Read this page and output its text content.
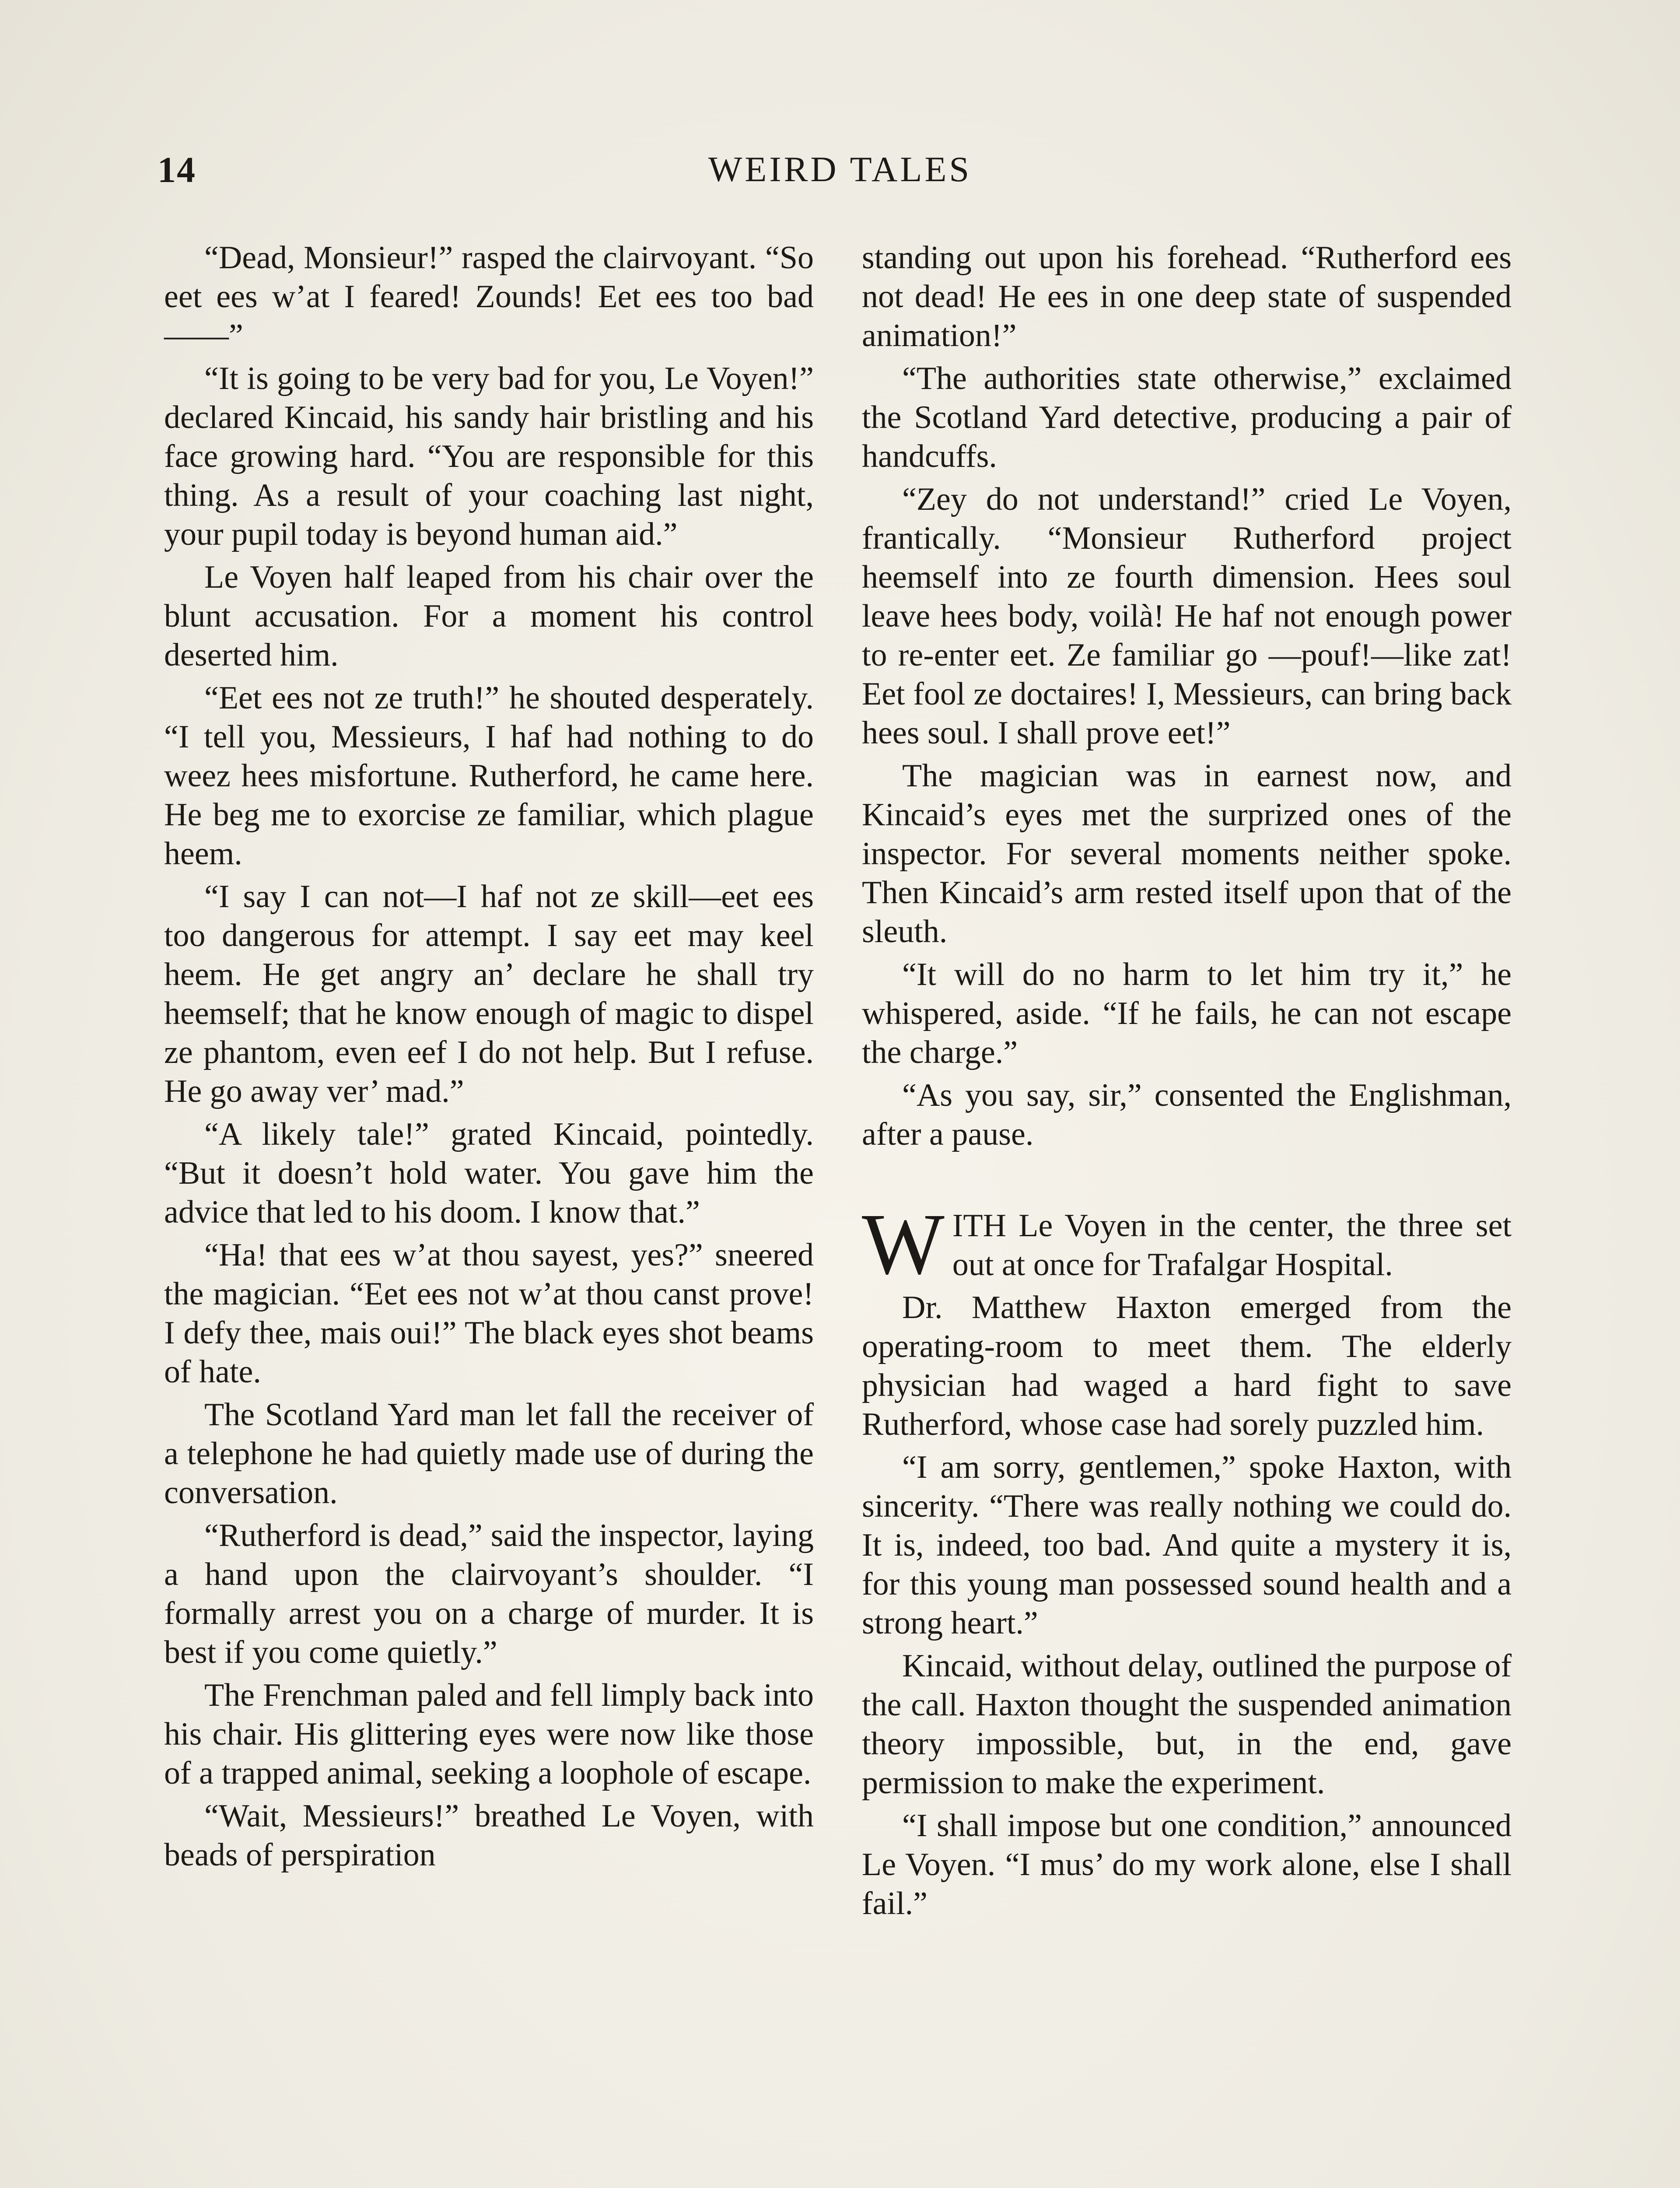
14	WEIRD TALES

“Dead, Monsieur!” rasped the clairvoyant. “So eet ees w’at I feared! Zounds! Eet ees too bad——”

“It is going to be very bad for you, Le Voyen!” declared Kincaid, his sandy hair bristling and his face growing hard. “You are responsible for this thing. As a result of your coaching last night, your pupil today is beyond human aid.”

Le Voyen half leaped from his chair over the blunt accusation. For a moment his control deserted him.

“Eet ees not ze truth!” he shouted desperately. “I tell you, Messieurs, I haf had nothing to do weez hees misfortune. Rutherford, he came here. He beg me to exorcise ze familiar, which plague heem.

“I say I can not—I haf not ze skill—eet ees too dangerous for attempt. I say eet may keel heem. He get angry an’ declare he shall try heemself; that he know enough of magic to dispel ze phantom, even eef I do not help. But I refuse. He go away ver’ mad.”

“A likely tale!” grated Kincaid, pointedly. “But it doesn’t hold water. You gave him the advice that led to his doom. I know that.”

“Ha! that ees w’at thou sayest, yes?” sneered the magician. “Eet ees not w’at thou canst prove! I defy thee, mais oui!” The black eyes shot beams of hate.

The Scotland Yard man let fall the receiver of a telephone he had quietly made use of during the conversation.

“Rutherford is dead,” said the inspector, laying a hand upon the clairvoyant’s shoulder. “I formally arrest you on a charge of murder. It is best if you come quietly.”

The Frenchman paled and fell limply back into his chair. His glittering eyes were now like those of a trapped animal, seeking a loophole of escape.

“Wait, Messieurs!” breathed Le Voyen, with beads of perspiration

standing out upon his forehead. “Rutherford ees not dead! He ees in one deep state of suspended animation!”

“The authorities state otherwise,” exclaimed the Scotland Yard detective, producing a pair of handcuffs.

“Zey do not understand!” cried Le Voyen, frantically. “Monsieur Rutherford project heemself into ze fourth dimension. Hees soul leave hees body, voilà! He haf not enough power to re-enter eet. Ze familiar go —pouf!—like zat! Eet fool ze doctaires! I, Messieurs, can bring back hees soul. I shall prove eet!”

The magician was in earnest now, and Kincaid’s eyes met the surprized ones of the inspector. For several moments neither spoke. Then Kincaid’s arm rested itself upon that of the sleuth.

“It will do no harm to let him try it,” he whispered, aside. “If he fails, he can not escape the charge.”

“As you say, sir,” consented the Englishman, after a pause.

WITH Le Voyen in the center, the three set out at once for Trafalgar Hospital.

Dr. Matthew Haxton emerged from the operating-room to meet them. The elderly physician had waged a hard fight to save Rutherford, whose case had sorely puzzled him.

“I am sorry, gentlemen,” spoke Haxton, with sincerity. “There was really nothing we could do. It is, indeed, too bad. And quite a mystery it is, for this young man possessed sound health and a strong heart.”

Kincaid, without delay, outlined the purpose of the call. Haxton thought the suspended animation theory impossible, but, in the end, gave permission to make the experiment.

“I shall impose but one condition,” announced Le Voyen. “I mus’ do my work alone, else I shall fail.”
